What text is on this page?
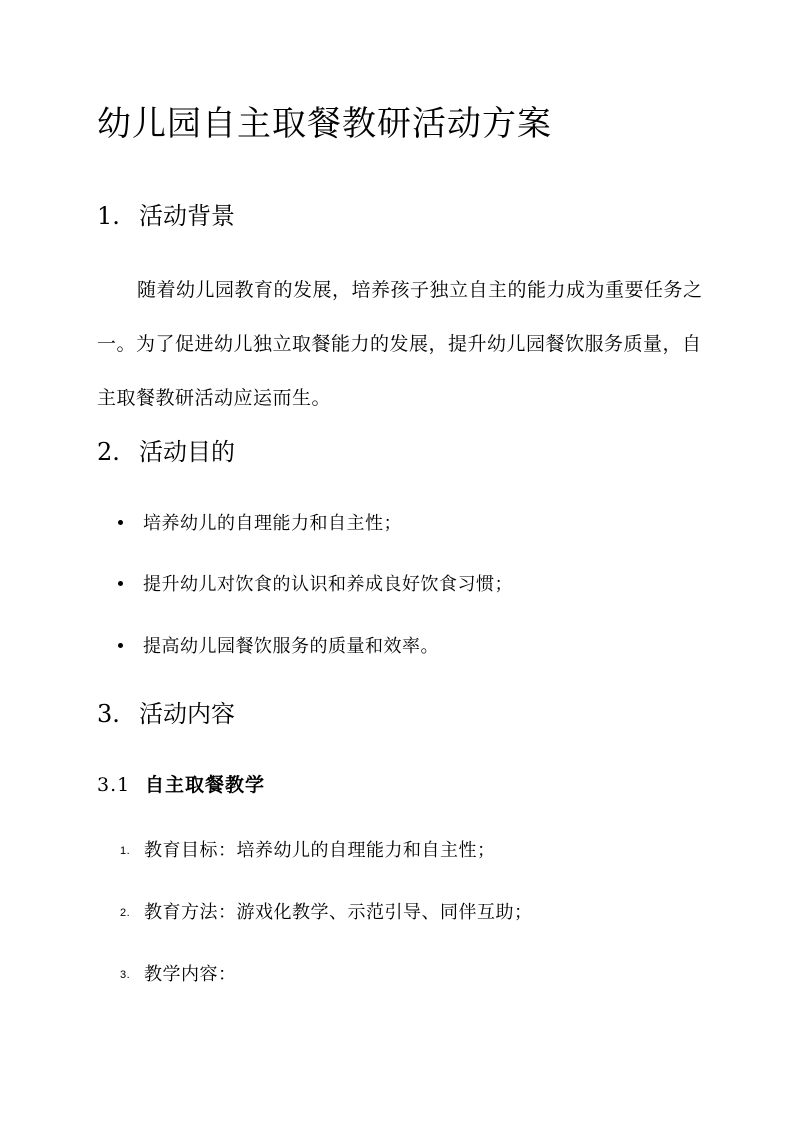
幼儿园自主取餐教研活动方案
1. 活动背景
随着幼儿园教育的发展，培养孩子独立自主的能力成为重要任务之一。为了促进幼儿独立取餐能力的发展，提升幼儿园餐饮服务质量，自主取餐教研活动应运而生。
2. 活动目的
培养幼儿的自理能力和自主性；
提升幼儿对饮食的认识和养成良好饮食习惯；
提高幼儿园餐饮服务的质量和效率。
3. 活动内容
3.1 自主取餐教学
1. 教育目标：培养幼儿的自理能力和自主性；
2. 教育方法：游戏化教学、示范引导、同伴互助；
3. 教学内容：
